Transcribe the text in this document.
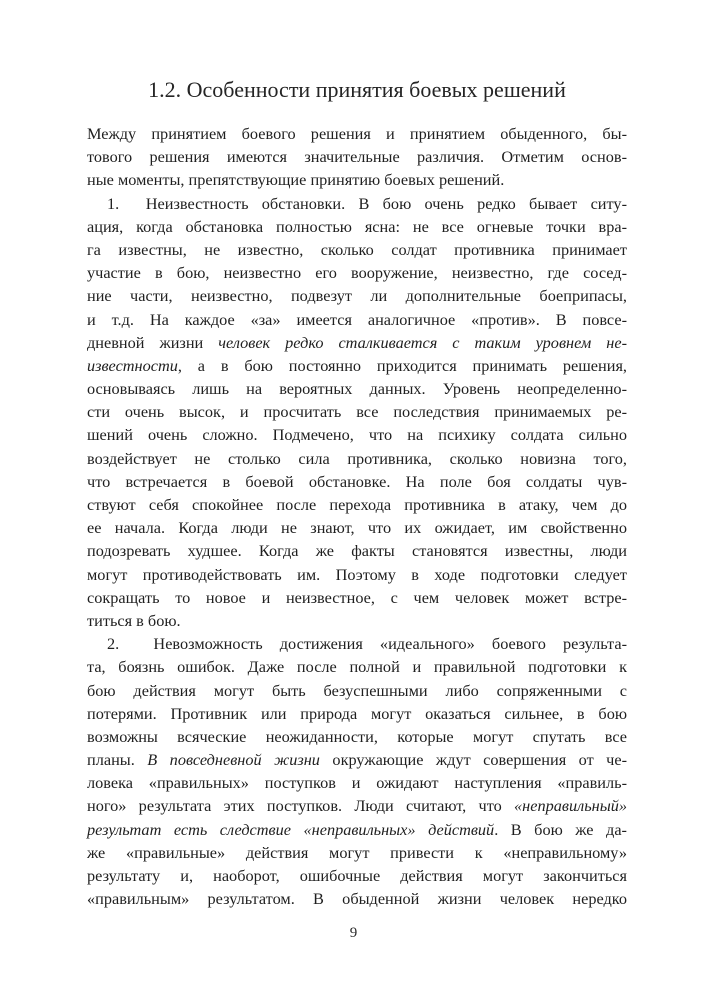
1.2. Особенности принятия боевых решений
Между принятием боевого решения и принятием обыденного, бы-
тового решения имеются значительные различия. Отметим основ-
ные моменты, препятствующие принятию боевых решений.
1.  Неизвестность обстановки. В бою очень редко бывает ситу-
ация, когда обстановка полностью ясна: не все огневые точки вра-
га известны, не известно, сколько солдат противника принимает
участие в бою, неизвестно его вооружение, неизвестно, где сосед-
ние части, неизвестно, подвезут ли дополнительные боеприпасы,
и т.д. На каждое «за» имеется аналогичное «против». В повсе-
дневной жизни человек редко сталкивается с таким уровнем не-
известности, а в бою постоянно приходится принимать решения,
основываясь лишь на вероятных данных. Уровень неопределенно-
сти очень высок, и просчитать все последствия принимаемых ре-
шений очень сложно. Подмечено, что на психику солдата сильно
воздействует не столько сила противника, сколько новизна того,
что встречается в боевой обстановке. На поле боя солдаты чув-
ствуют себя спокойнее после перехода противника в атаку, чем до
ее начала. Когда люди не знают, что их ожидает, им свойственно
подозревать худшее. Когда же факты становятся известны, люди
могут противодействовать им. Поэтому в ходе подготовки следует
сокращать то новое и неизвестное, с чем человек может встре-
титься в бою.
2.  Невозможность достижения «идеального» боевого результа-
та, боязнь ошибок. Даже после полной и правильной подготовки к
бою действия могут быть безуспешными либо сопряженными с
потерями. Противник или природа могут оказаться сильнее, в бою
возможны всяческие неожиданности, которые могут спутать все
планы. В повседневной жизни окружающие ждут совершения от че-
ловека «правильных» поступков и ожидают наступления «правиль-
ного» результата этих поступков. Люди считают, что «неправильный»
результат есть следствие «неправильных» действий. В бою же да-
же «правильные» действия могут привести к «неправильному»
результату и, наоборот, ошибочные действия могут закончиться
«правильным» результатом. В обыденной жизни человек нередко
9
